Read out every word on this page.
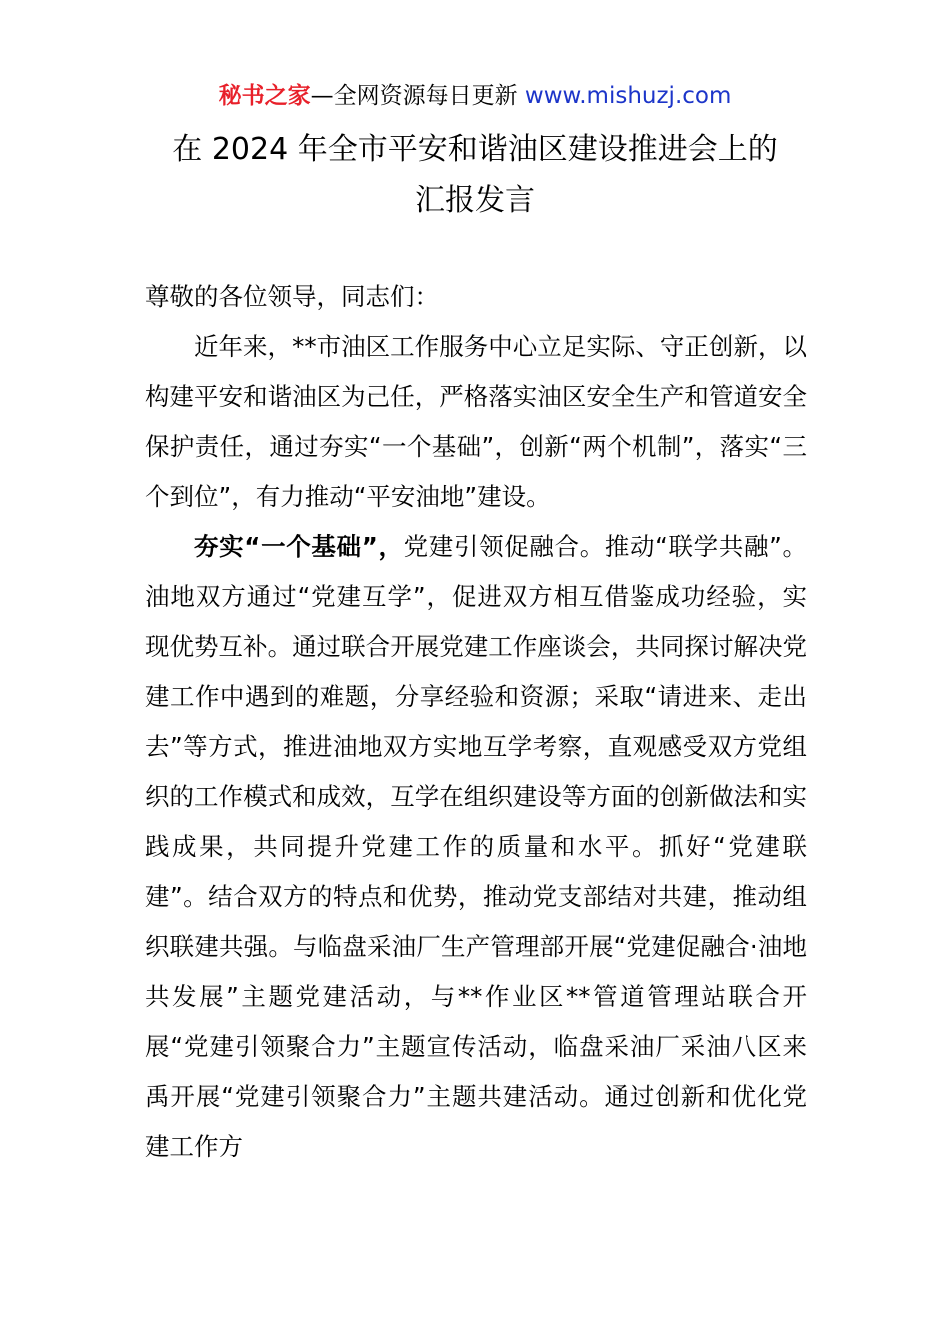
秘书之家—全网资源每日更新 www.mishuzj.com
在 2024 年全市平安和谐油区建设推进会上的
汇报发言

尊敬的各位领导，同志们：

近年来，**市油区工作服务中心立足实际、守正创新，以构建平安和谐油区为己任，严格落实油区安全生产和管道安全保护责任，通过夯实“一个基础”，创新“两个机制”，落实“三个到位”，有力推动“平安油地”建设。

夯实“一个基础”，党建引领促融合。推动“联学共融”。油地双方通过“党建互学”，促进双方相互借鉴成功经验，实现优势互补。通过联合开展党建工作座谈会，共同探讨解决党建工作中遇到的难题，分享经验和资源；采取“请进来、走出去”等方式，推进油地双方实地互学考察，直观感受双方党组织的工作模式和成效，互学在组织建设等方面的创新做法和实践成果，共同提升党建工作的质量和水平。抓好“党建联建”。结合双方的特点和优势，推动党支部结对共建，推动组织联建共强。与临盘采油厂生产管理部开展“党建促融合·油地共发展”主题党建活动，与**作业区**管道管理站联合开展“党建引领聚合力”主题宣传活动，临盘采油厂采油八区来禹开展“党建引领聚合力”主题共建活动。通过创新和优化党建工作方
